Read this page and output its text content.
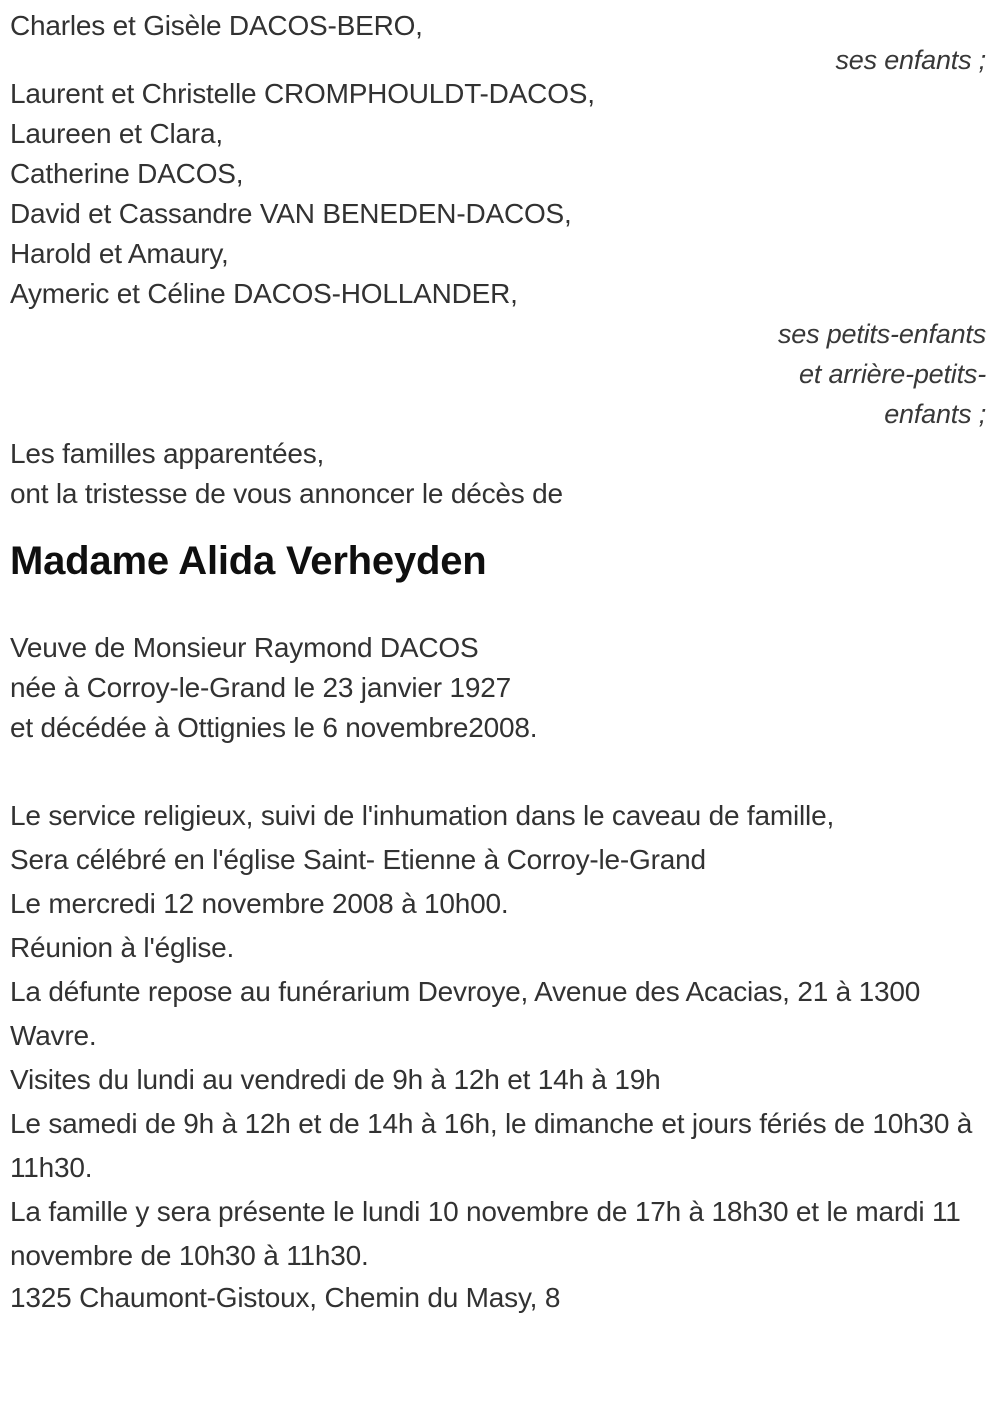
Charles et Gisèle DACOS-BERO,

ses enfants ;

Laurent et Christelle CROMPHOULDT-DACOS,

Laureen et Clara,

Catherine DACOS,

David et Cassandre VAN BENEDEN-DACOS,

Harold et Amaury,

Aymeric et Céline DACOS-HOLLANDER,

ses petits-enfants

et arrière-petits-

enfants ;

Les familles apparentées,

ont la tristesse de vous annoncer le décès de

Madame Alida Verheyden

Veuve de Monsieur Raymond DACOS

née à Corroy-le-Grand le 23 janvier 1927

et décédée à Ottignies le 6 novembre2008.

Le service religieux, suivi de l'inhumation dans le caveau de famille,

Sera célébré en l'église Saint- Etienne à Corroy-le-Grand

Le mercredi 12 novembre 2008 à 10h00.

Réunion à l'église.

La défunte repose au funérarium Devroye, Avenue des Acacias, 21 à 1300 Wavre.

Visites du lundi au vendredi de 9h à 12h et 14h à 19h

Le samedi de 9h à 12h et de 14h à 16h, le dimanche et jours fériés de 10h30 à 11h30.

La famille y sera présente le lundi 10 novembre de 17h à 18h30 et le mardi 11 novembre de 10h30 à 11h30.

1325 Chaumont-Gistoux, Chemin du Masy, 8
